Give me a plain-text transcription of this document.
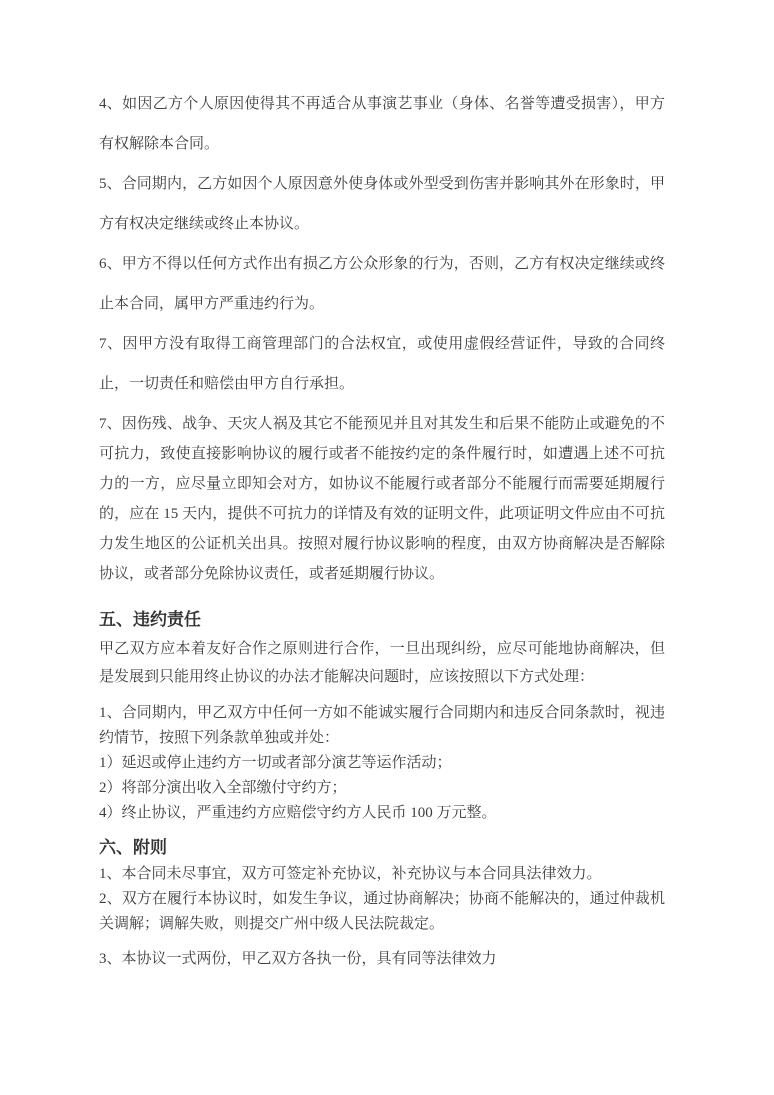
4、如因乙方个人原因使得其不再适合从事演艺事业（身体、名誉等遭受损害），甲方有权解除本合同。

5、合同期内，乙方如因个人原因意外使身体或外型受到伤害并影响其外在形象时，甲方有权决定继续或终止本协议。

6、甲方不得以任何方式作出有损乙方公众形象的行为，否则，乙方有权决定继续或终止本合同，属甲方严重违约行为。

7、因甲方没有取得工商管理部门的合法权宜，或使用虚假经营证件，导致的合同终止，一切责任和赔偿由甲方自行承担。

7、因伤残、战争、天灾人祸及其它不能预见并且对其发生和后果不能防止或避免的不可抗力，致使直接影响协议的履行或者不能按约定的条件履行时，如遭遇上述不可抗力的一方，应尽量立即知会对方，如协议不能履行或者部分不能履行而需要延期履行的，应在 15 天内，提供不可抗力的详情及有效的证明文件，此项证明文件应由不可抗力发生地区的公证机关出具。按照对履行协议影响的程度，由双方协商解决是否解除协议，或者部分免除协议责任，或者延期履行协议。

五、违约责任

甲乙双方应本着友好合作之原则进行合作，一旦出现纠纷，应尽可能地协商解决，但是发展到只能用终止协议的办法才能解决问题时，应该按照以下方式处理：

1、合同期内，甲乙双方中任何一方如不能诚实履行合同期内和违反合同条款时，视违约情节，按照下列条款单独或并处：

1）延迟或停止违约方一切或者部分演艺等运作活动；

2）将部分演出收入全部缴付守约方；

4）终止协议，严重违约方应赔偿守约方人民币 100 万元整。

六、附则

1、本合同未尽事宜，双方可签定补充协议，补充协议与本合同具法律效力。

2、双方在履行本协议时，如发生争议，通过协商解决；协商不能解决的，通过仲裁机关调解；调解失败，则提交广州中级人民法院裁定。

3、本协议一式两份，甲乙双方各执一份，具有同等法律效力
